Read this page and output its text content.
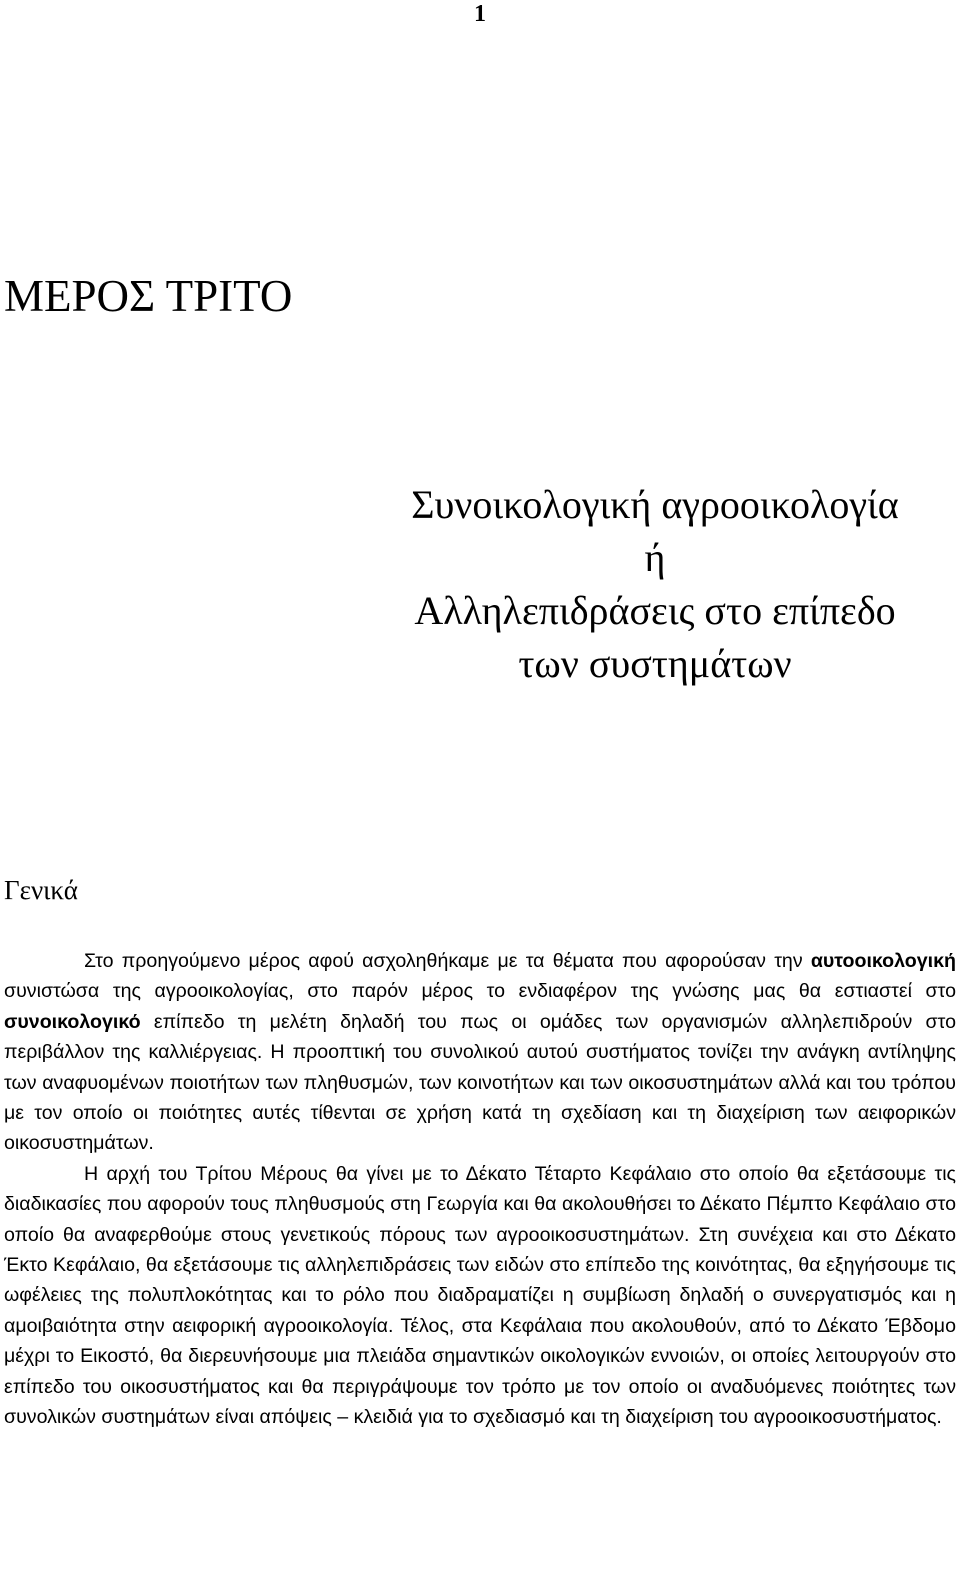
1
ΜΕΡΟΣ ΤΡΙΤΟ
Συνοικολογική αγροοικολογία
ή
Αλληλεπιδράσεις στο επίπεδο
των συστημάτων
Γενικά

Στο προηγούμενο μέρος αφού ασχοληθήκαμε με τα θέματα που αφορούσαν την αυτοοικολογική συνιστώσα της αγροοικολογίας, στο παρόν μέρος το ενδιαφέρον της γνώσης μας θα εστιαστεί στο συνοικολογικό επίπεδο τη μελέτη δηλαδή του πως οι ομάδες των οργανισμών αλληλεπιδρούν στο περιβάλλον της καλλιέργειας. Η προοπτική του συνολικού αυτού συστήματος τονίζει την ανάγκη αντίληψης των αναφυομένων ποιοτήτων των πληθυσμών, των κοινοτήτων και των οικοσυστημάτων αλλά και του τρόπου με τον οποίο οι ποιότητες αυτές τίθενται σε χρήση κατά τη σχεδίαση και τη διαχείριση των αειφορικών οικοσυστημάτων.

Η αρχή του Τρίτου Μέρους θα γίνει με το Δέκατο Τέταρτο Κεφάλαιο στο οποίο θα εξετάσουμε τις διαδικασίες που αφορούν τους πληθυσμούς στη Γεωργία και θα ακολουθήσει το Δέκατο Πέμπτο Κεφάλαιο στο οποίο θα αναφερθούμε στους γενετικούς πόρους των αγροοικοσυστημάτων. Στη συνέχεια και στο Δέκατο Έκτο Κεφάλαιο, θα εξετάσουμε τις αλληλεπιδράσεις των ειδών στο επίπεδο της κοινότητας, θα εξηγήσουμε τις ωφέλειες της πολυπλοκότητας και το ρόλο που διαδραματίζει η συμβίωση δηλαδή ο συνεργατισμός και η αμοιβαιότητα στην αειφορική αγροοικολογία. Τέλος, στα Κεφάλαια που ακολουθούν, από το Δέκατο Έβδομο μέχρι το Εικοστό, θα διερευνήσουμε μια πλειάδα σημαντικών οικολογικών εννοιών, οι οποίες λειτουργούν στο επίπεδο του οικοσυστήματος και θα περιγράψουμε τον τρόπο με τον οποίο οι αναδυόμενες ποιότητες των συνολικών συστημάτων είναι απόψεις – κλειδιά για το σχεδιασμό και τη διαχείριση του αγροοικοσυστήματος.
